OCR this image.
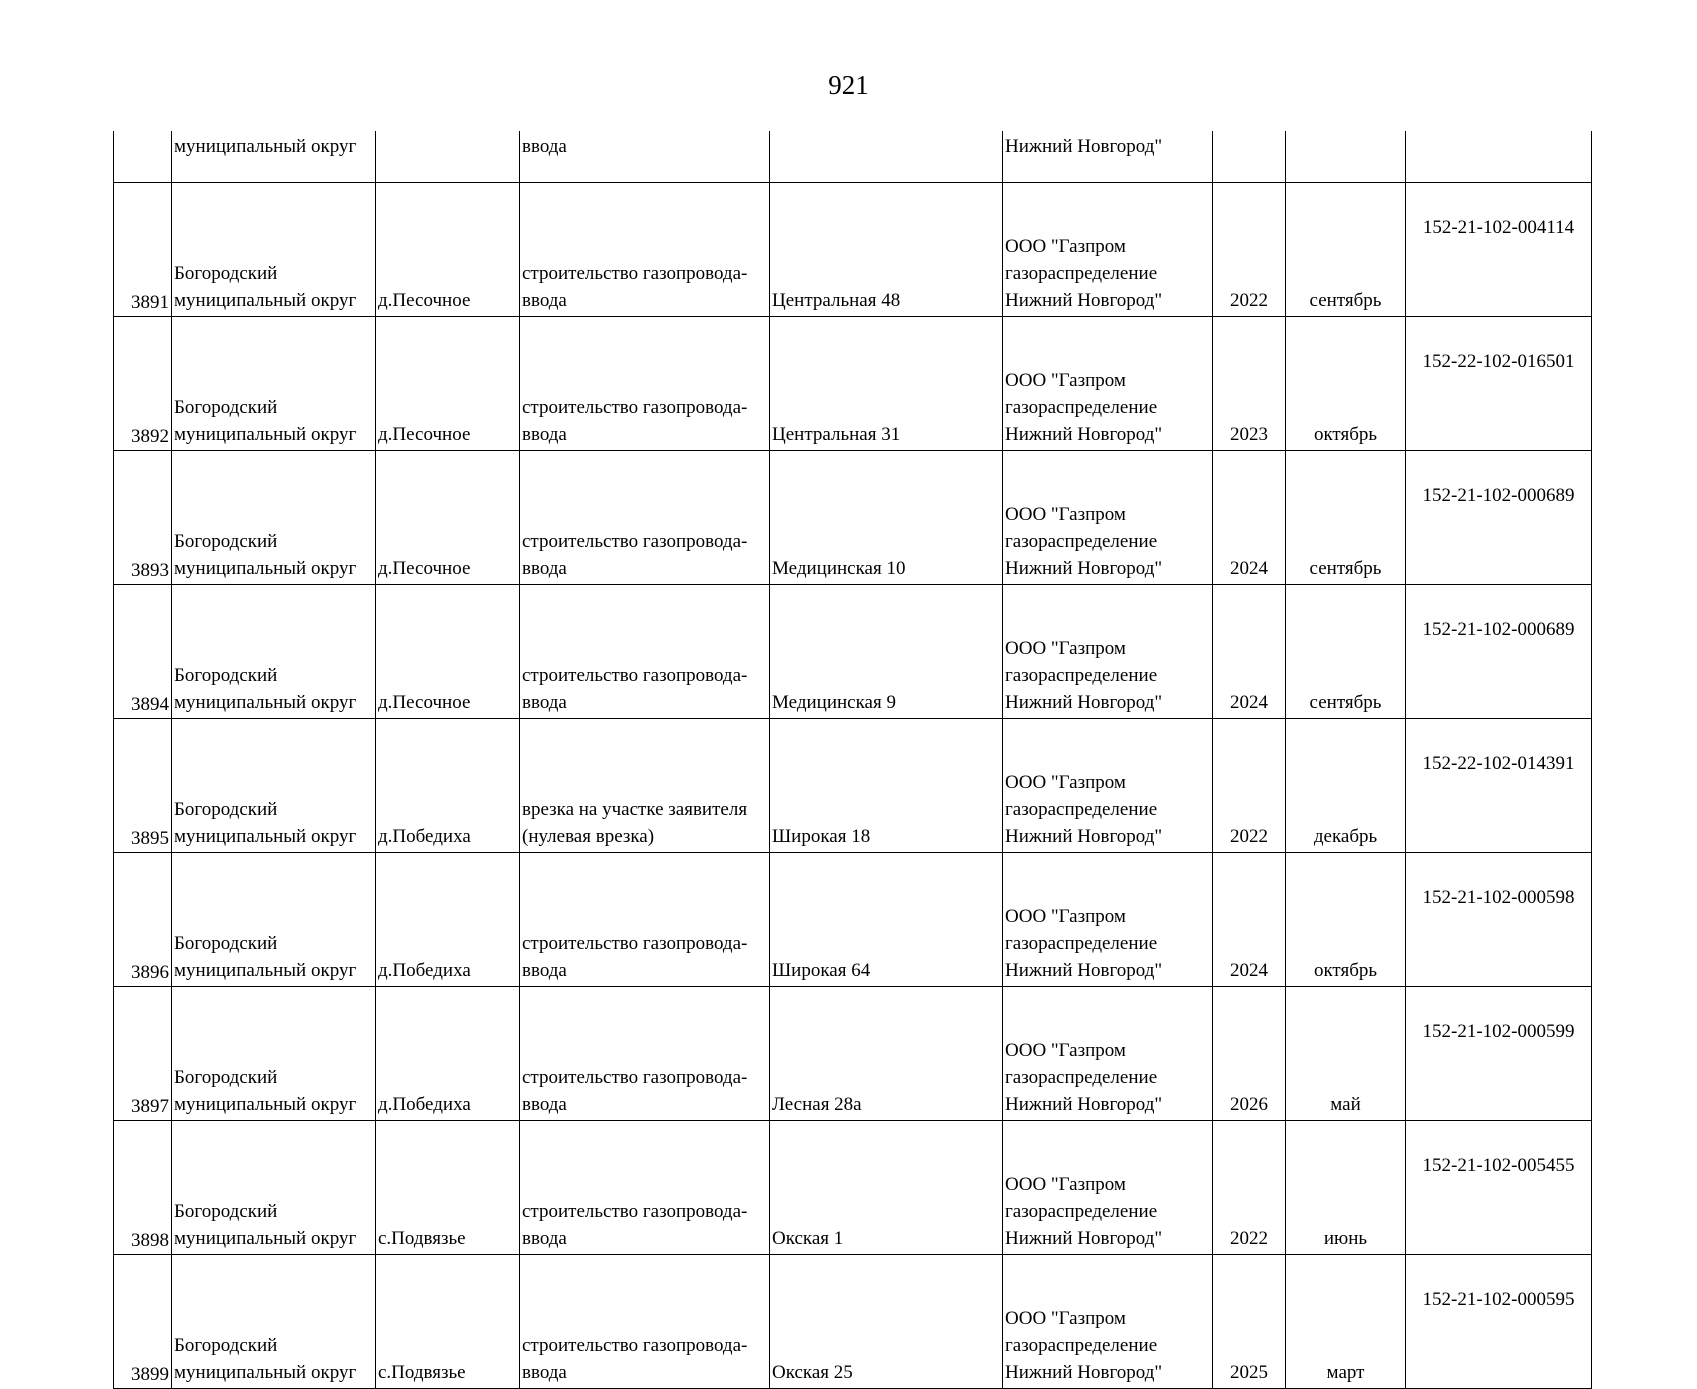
921
	муниципальный округ		ввода		Нижний Новгород"			

3891	Богородский
муниципальный округ	д.Песочное	строительство газопровода-
ввода	Центральная 48	ООО "Газпром
газораспределение
Нижний Новгород"	2022	сентябрь	152-21-102-004114

3892	Богородский
муниципальный округ	д.Песочное	строительство газопровода-
ввода	Центральная 31	ООО "Газпром
газораспределение
Нижний Новгород"	2023	октябрь	152-22-102-016501

3893	Богородский
муниципальный округ	д.Песочное	строительство газопровода-
ввода	Медицинская 10	ООО "Газпром
газораспределение
Нижний Новгород"	2024	сентябрь	152-21-102-000689

3894	Богородский
муниципальный округ	д.Песочное	строительство газопровода-
ввода	Медицинская 9	ООО "Газпром
газораспределение
Нижний Новгород"	2024	сентябрь	152-21-102-000689

3895	Богородский
муниципальный округ	д.Победиха	врезка на участке заявителя
(нулевая врезка)	Широкая 18	ООО "Газпром
газораспределение
Нижний Новгород"	2022	декабрь	152-22-102-014391

3896	Богородский
муниципальный округ	д.Победиха	строительство газопровода-
ввода	Широкая 64	ООО "Газпром
газораспределение
Нижний Новгород"	2024	октябрь	152-21-102-000598

3897	Богородский
муниципальный округ	д.Победиха	строительство газопровода-
ввода	Лесная 28а	ООО "Газпром
газораспределение
Нижний Новгород"	2026	май	152-21-102-000599

3898	Богородский
муниципальный округ	с.Подвязье	строительство газопровода-
ввода	Окская 1	ООО "Газпром
газораспределение
Нижний Новгород"	2022	июнь	152-21-102-005455

3899	Богородский
муниципальный округ	с.Подвязье	строительство газопровода-
ввода	Окская 25	ООО "Газпром
газораспределение
Нижний Новгород"	2025	март	152-21-102-000595
